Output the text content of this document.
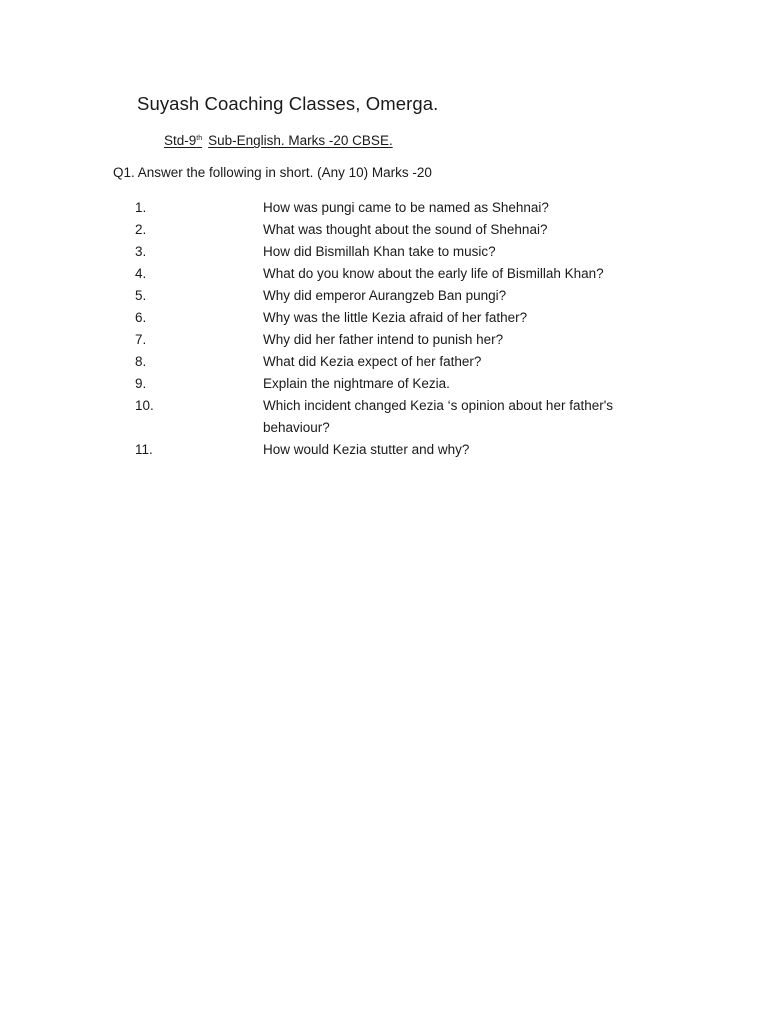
Suyash Coaching Classes, Omerga.
Std-9th Sub-English. Marks -20 CBSE.
Q1. Answer the following in short. (Any 10) Marks -20
1.	How was pungi came to be named as Shehnai?
2.	What was thought about the sound of Shehnai?
3.	How did Bismillah Khan take to music?
4.	What do you know about the early life of Bismillah Khan?
5.	Why did emperor Aurangzeb Ban pungi?
6.	Why was the little Kezia afraid of her father?
7.	Why did her father intend to punish her?
8.	What did Kezia expect of her father?
9.	Explain the nightmare of Kezia.
10.	Which incident changed Kezia ‘s opinion about her father's behaviour?
11.	How would Kezia stutter and why?
